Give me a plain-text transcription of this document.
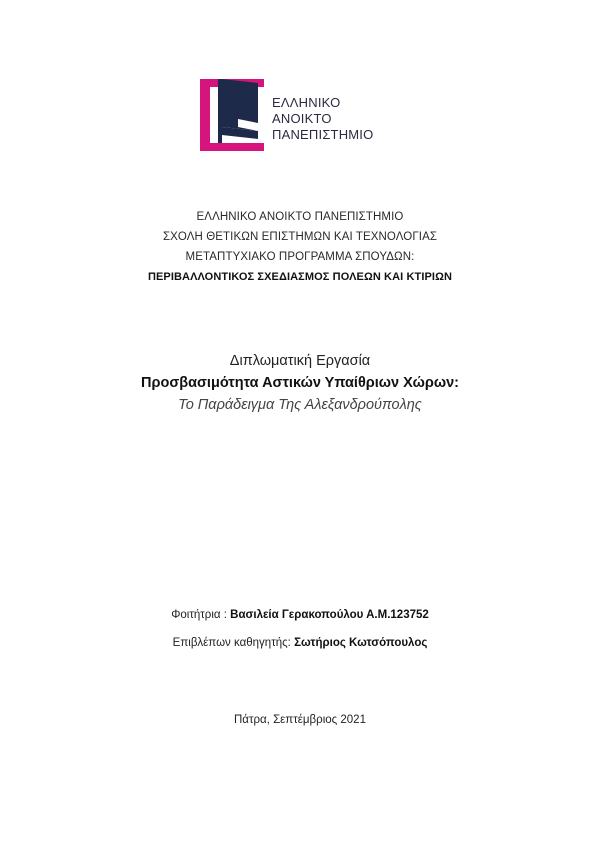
ΕΛΛΗΝΙΚΟ
ΑΝΟΙΚΤΟ
ΠΑΝΕΠΙΣΤΗΜΙΟ
ΕΛΛΗΝΙΚΟ ΑΝΟΙΚΤΟ ΠΑΝΕΠΙΣΤΗΜΙΟ
ΣΧΟΛΗ ΘΕΤΙΚΩΝ ΕΠΙΣΤΗΜΩΝ ΚΑΙ ΤΕΧΝΟΛΟΓΙΑΣ
ΜΕΤΑΠΤΥΧΙΑΚΟ ΠΡΟΓΡΑΜΜΑ ΣΠΟΥΔΩΝ:
ΠΕΡΙΒΑΛΛΟΝΤΙΚΟΣ ΣΧΕΔΙΑΣΜΟΣ ΠΟΛΕΩΝ ΚΑΙ ΚΤΙΡΙΩΝ
Διπλωματική Εργασία
Προσβασιμότητα Αστικών Υπαίθριων Χώρων:
Το Παράδειγμα Της Αλεξανδρούπολης
Φοιτήτρια : Βασιλεία Γερακοπούλου Α.Μ.123752
Επιβλέπων καθηγητής: Σωτήριος Κωτσόπουλος
Πάτρα, Σεπτέμβριος 2021
